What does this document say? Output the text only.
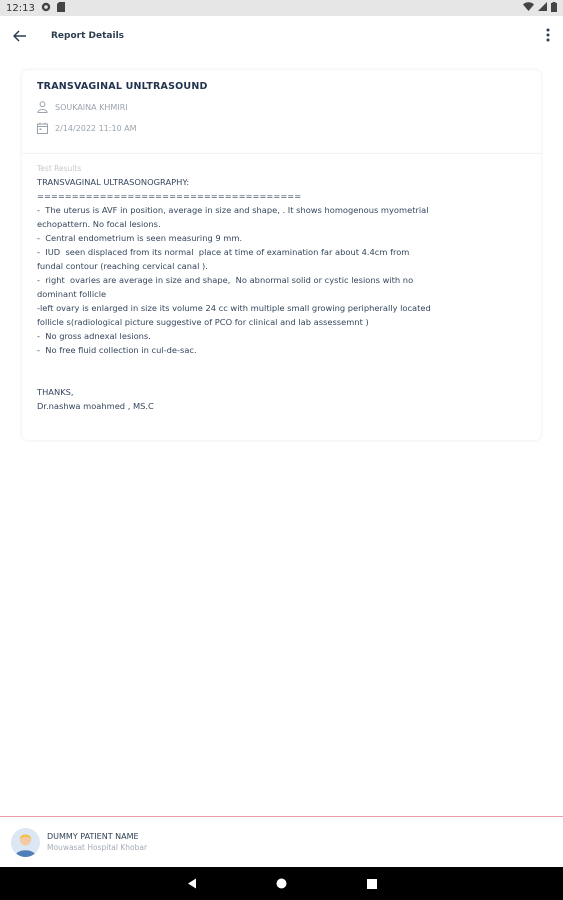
12:13
Report Details
TRANSVAGINAL UNLTRASOUND
SOUKAINA KHMIRI
2/14/2022 11:10 AM
Test Results
TRANSVAGINAL ULTRASONOGRAPHY:
======================================
-  The uterus is AVF in position, average in size and shape, . It shows homogenous myometrial
echopattern. No focal lesions.
-  Central endometrium is seen measuring 9 mm.
-  IUD  seen displaced from its normal  place at time of examination far about 4.4cm from
fundal contour (reaching cervical canal ).
-  right  ovaries are average in size and shape,  No abnormal solid or cystic lesions with no
dominant follicle
-left ovary is enlarged in size its volume 24 cc with multiple small growing peripherally located
follicle s(radiological picture suggestive of PCO for clinical and lab assessemnt )
-  No gross adnexal lesions.
-  No free fluid collection in cul-de-sac.

THANKS,
Dr.nashwa moahmed , MS.C
DUMMY PATIENT NAME
Mouwasat Hospital Khobar
